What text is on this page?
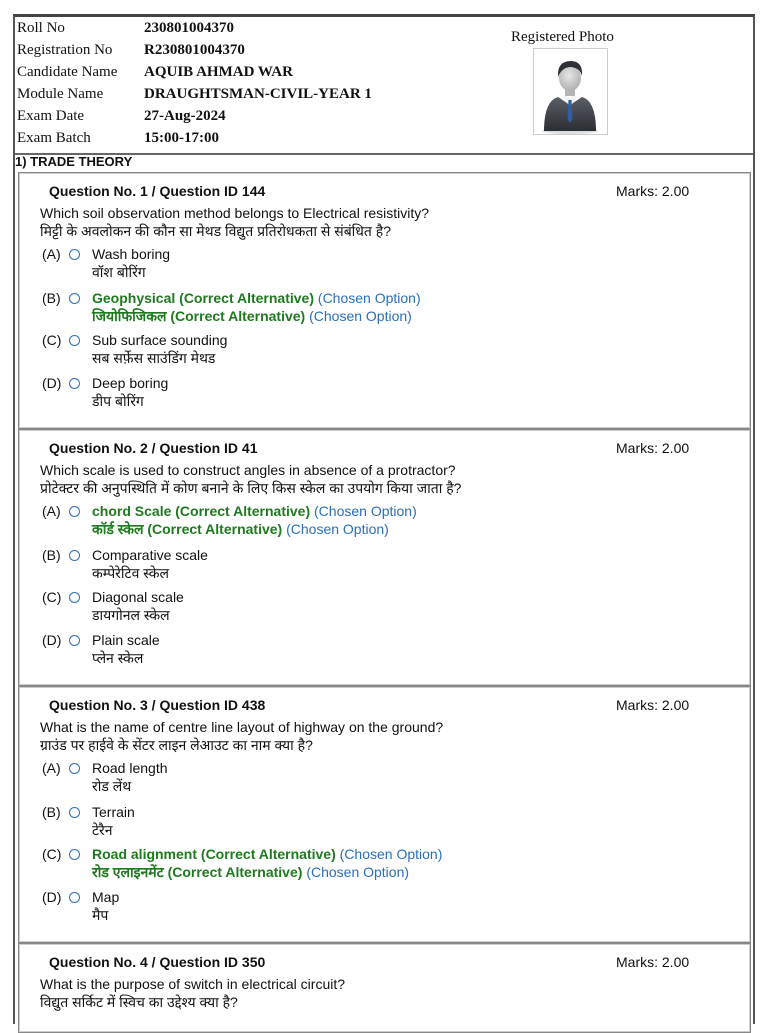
Roll No	230801004370
Registration No	R230801004370
Candidate Name	AQUIB AHMAD WAR
Module Name	DRAUGHTSMAN-CIVIL-YEAR 1
Exam Date	27-Aug-2024
Exam Batch	15:00-17:00
Registered Photo
1) TRADE THEORY
Question No. 1 / Question ID 144	Marks: 2.00
Which soil observation method belongs to Electrical resistivity?
मिट्टी के अवलोकन की कौन सा मेथड विद्युत प्रतिरोधकता से संबंधित है?
(A) Wash boring
वॉश बोरिंग
(B) Geophysical (Correct Alternative) (Chosen Option)
जियोफिजिकल (Correct Alternative) (Chosen Option)
(C) Sub surface sounding
सब सर्फ़ेस साउंडिंग मेथड
(D) Deep boring
डीप बोरिंग
Question No. 2 / Question ID 41	Marks: 2.00
Which scale is used to construct angles in absence of a protractor?
प्रोटेक्टर की अनुपस्थिति में कोण बनाने के लिए किस स्केल का उपयोग किया जाता है?
(A) chord Scale (Correct Alternative) (Chosen Option)
कॉर्ड स्केल (Correct Alternative) (Chosen Option)
(B) Comparative scale
कम्पेरेटिव स्केल
(C) Diagonal scale
डायगोनल स्केल
(D) Plain scale
प्लेन स्केल
Question No. 3 / Question ID 438	Marks: 2.00
What is the name of centre line layout of highway on the ground?
ग्राउंड पर हाईवे के सेंटर लाइन लेआउट का नाम क्या है?
(A) Road length
रोड लेंथ
(B) Terrain
टेरैन
(C) Road alignment (Correct Alternative) (Chosen Option)
रोड एलाइनमेंट (Correct Alternative) (Chosen Option)
(D) Map
मैप
Question No. 4 / Question ID 350	Marks: 2.00
What is the purpose of switch in electrical circuit?
विद्युत सर्किट में स्विच का उद्देश्य क्या है?
